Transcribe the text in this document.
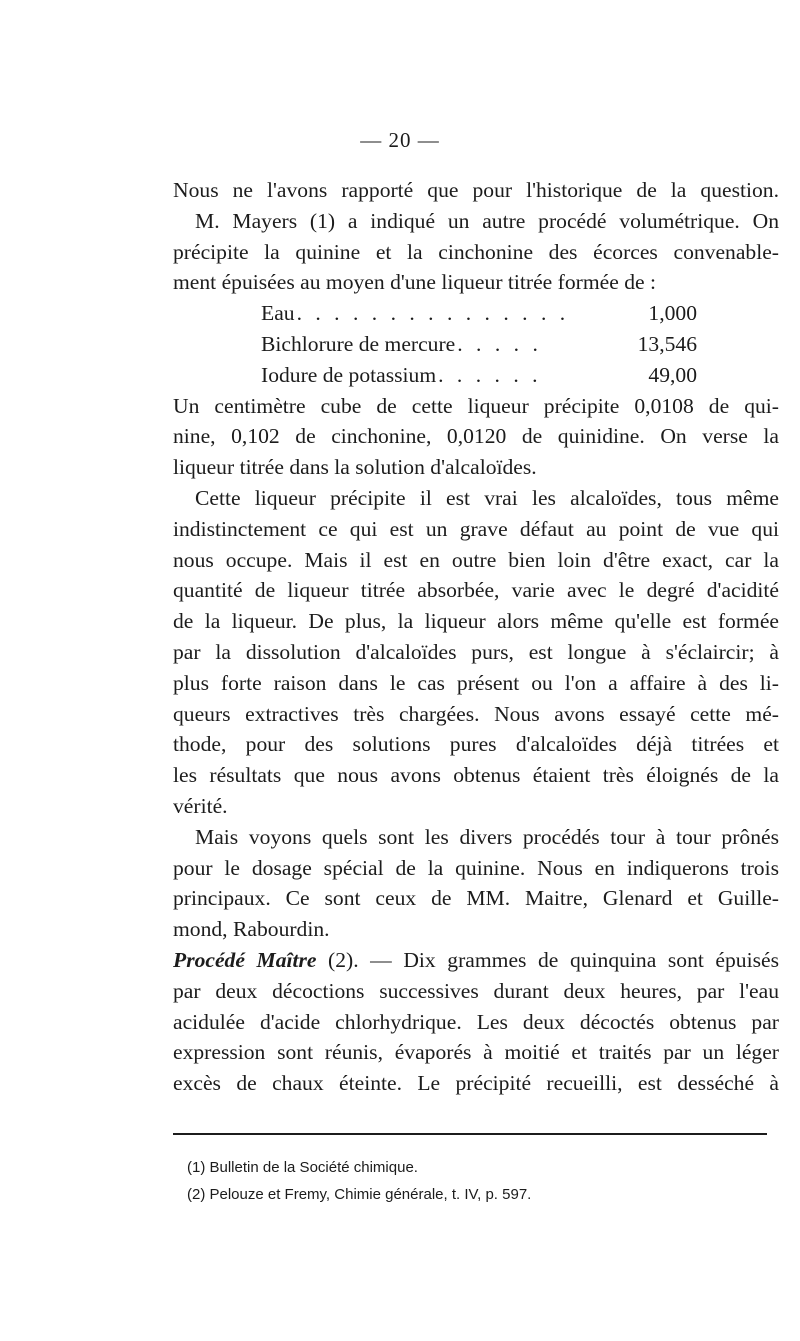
— 20 —
Nous ne l'avons rapporté que pour l'historique de la question.
M. Mayers (1) a indiqué un autre procédé volumétrique. On
précipite la quinine et la cinchonine des écorces convenable-
ment épuisées au moyen d'une liqueur titrée formée de :
Eau . . . . . . . . . . . . . . .	1,000
Bichlorure de mercure . . . . .	13,546
Iodure de potassium . . . . . .	49,00
Un centimètre cube de cette liqueur précipite 0,0108 de qui-
nine, 0,102 de cinchonine, 0,0120 de quinidine. On verse la
liqueur titrée dans la solution d'alcaloïdes.
Cette liqueur précipite il est vrai les alcaloïdes, tous même
indistinctement ce qui est un grave défaut au point de vue qui
nous occupe. Mais il est en outre bien loin d'être exact, car la
quantité de liqueur titrée absorbée, varie avec le degré d'acidité
de la liqueur. De plus, la liqueur alors même qu'elle est formée
par la dissolution d'alcaloïdes purs, est longue à s'éclaircir; à
plus forte raison dans le cas présent ou l'on a affaire à des li-
queurs extractives très chargées. Nous avons essayé cette mé-
thode, pour des solutions pures d'alcaloïdes déjà titrées et
les résultats que nous avons obtenus étaient très éloignés de la
vérité.
Mais voyons quels sont les divers procédés tour à tour prônés
pour le dosage spécial de la quinine. Nous en indiquerons trois
principaux. Ce sont ceux de MM. Maitre, Glenard et Guille-
mond, Rabourdin.
Procédé Maître (2). — Dix grammes de quinquina sont épuisés
par deux décoctions successives durant deux heures, par l'eau
acidulée d'acide chlorhydrique. Les deux décoctés obtenus par
expression sont réunis, évaporés à moitié et traités par un léger
excès de chaux éteinte. Le précipité recueilli, est desséché à
(1) Bulletin de la Société chimique.
(2) Pelouze et Fremy, Chimie générale, t. IV, p. 597.
